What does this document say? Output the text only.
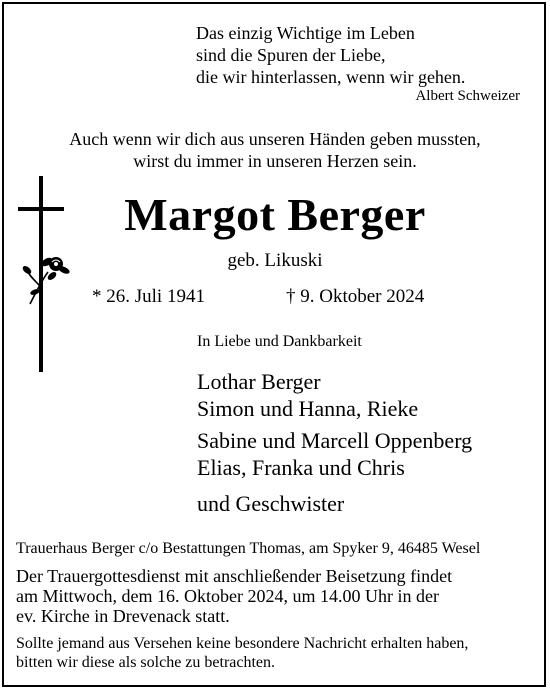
Das einzig Wichtige im Leben
sind die Spuren der Liebe,
die wir hinterlassen, wenn wir gehen.
Albert Schweizer
Auch wenn wir dich aus unseren Händen geben mussten,
wirst du immer in unseren Herzen sein.
Margot Berger
geb. Likuski
* 26. Juli 1941	† 9. Oktober 2024
In Liebe und Dankbarkeit
Lothar Berger
Simon und Hanna, Rieke
Sabine und Marcell Oppenberg
Elias, Franka und Chris
und Geschwister
Trauerhaus Berger c/o Bestattungen Thomas, am Spyker 9, 46485 Wesel
Der Trauergottesdienst mit anschließender Beisetzung findet
am Mittwoch, dem 16. Oktober 2024, um 14.00 Uhr in der
ev. Kirche in Drevenack statt.
Sollte jemand aus Versehen keine besondere Nachricht erhalten haben,
bitten wir diese als solche zu betrachten.
